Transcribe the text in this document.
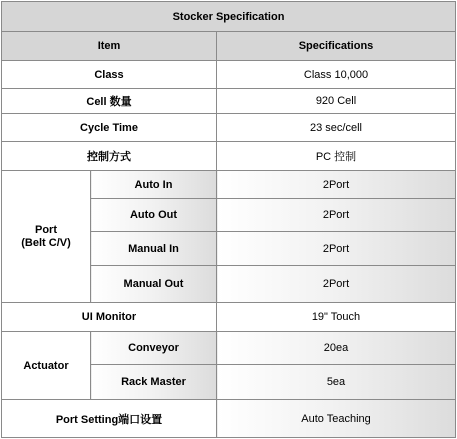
Stocker Specification		
Item		Specifications
Class		Class 10,000
Cell 数量		920 Cell
Cycle Time		23 sec/cell
控制方式		PC 控制

Port
(Belt C/V)	Auto In	2Port
	Auto Out	2Port
	Manual In	2Port
	Manual Out	2Port
UI Monitor		19" Touch
Actuator	Conveyor	20ea
	Rack Master	5ea
Port Setting端口设置		Auto Teaching
